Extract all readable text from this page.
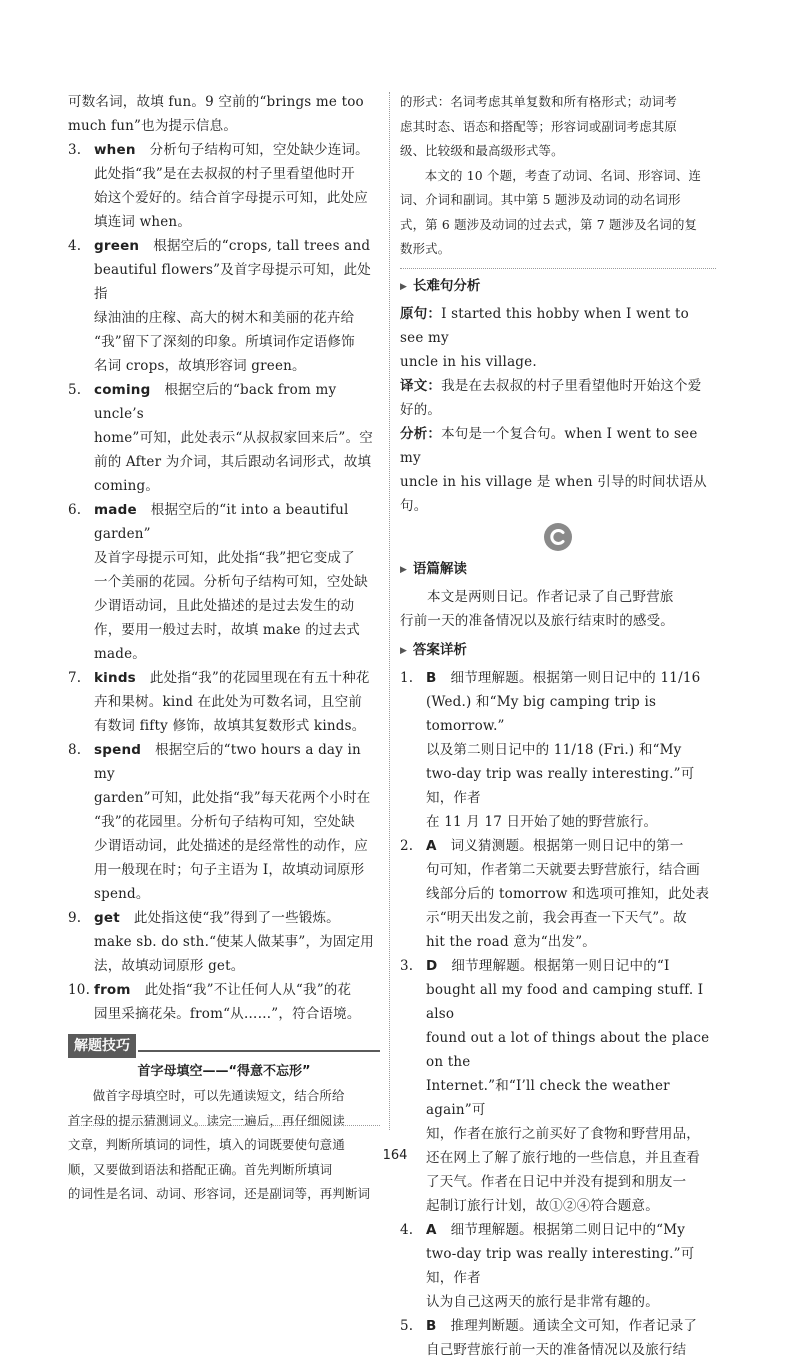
可数名词，故填 fun。9 空前的“brings me too

much fun”也为提示信息。

3. when 分析句子结构可知，空处缺少连词。

此处指“我”是在去叔叔的村子里看望他时开

始这个爱好的。结合首字母提示可知，此处应

填连词 when。

4. green 根据空后的“crops, tall trees and

beautiful flowers”及首字母提示可知，此处指

绿油油的庄稼、高大的树木和美丽的花卉给

“我”留下了深刻的印象。所填词作定语修饰

名词 crops，故填形容词 green。

5. coming 根据空后的“back from my uncle’s

home”可知，此处表示“从叔叔家回来后”。空

前的 After 为介词，其后跟动名词形式，故填

coming。

6. made 根据空后的“it into a beautiful garden”

及首字母提示可知，此处指“我”把它变成了

一个美丽的花园。分析句子结构可知，空处缺

少谓语动词，且此处描述的是过去发生的动

作，要用一般过去时，故填 make 的过去式

made。

7. kinds 此处指“我”的花园里现在有五十种花

卉和果树。kind 在此处为可数名词，且空前

有数词 fifty 修饰，故填其复数形式 kinds。

8. spend 根据空后的“two hours a day in my

garden”可知，此处指“我”每天花两个小时在

“我”的花园里。分析句子结构可知，空处缺

少谓语动词，此处描述的是经常性的动作，应

用一般现在时；句子主语为 I，故填动词原形

spend。

9. get 此处指这使“我”得到了一些锻炼。

make sb. do sth.“使某人做某事”，为固定用

法，故填动词原形 get。

10. from 此处指“我”不让任何人从“我”的花

园里采摘花朵。from“从……”，符合语境。

解题技巧
首字母填空——“得意不忘形”

做首字母填空时，可以先通读短文，结合所给

首字母的提示猜测词义。读完一遍后，再仔细阅读

文章，判断所填词的词性，填入的词既要使句意通

顺，又要做到语法和搭配正确。首先判断所填词

的词性是名词、动词、形容词，还是副词等，再判断词

的形式：名词考虑其单复数和所有格形式；动词考

虑其时态、语态和搭配等；形容词或副词考虑其原

级、比较级和最高级形式等。

本文的 10 个题，考查了动词、名词、形容词、连

词、介词和副词。其中第 5 题涉及动词的动名词形

式，第 6 题涉及动词的过去式，第 7 题涉及名词的复

数形式。

▶ 长难句分析

原句：I started this hobby when I went to see my

uncle in his village.

译文：我是在去叔叔的村子里看望他时开始这个爱

好的。

分析：本句是一个复合句。when I went to see my

uncle in his village 是 when 引导的时间状语从句。

▶ 语篇解读

本文是两则日记。作者记录了自己野营旅

行前一天的准备情况以及旅行结束时的感受。

▶ 答案详析
1. B 细节理解题。根据第一则日记中的 11/16

(Wed.) 和“My big camping trip is tomorrow.”

以及第二则日记中的 11/18 (Fri.) 和“My

two-day trip was really interesting.”可知，作者

在 11 月 17 日开始了她的野营旅行。

2. A 词义猜测题。根据第一则日记中的第一

句可知，作者第二天就要去野营旅行，结合画

线部分后的 tomorrow 和选项可推知，此处表

示“明天出发之前，我会再查一下天气”。故

hit the road 意为“出发”。

3. D 细节理解题。根据第一则日记中的“I

bought all my food and camping stuff. I also

found out a lot of things about the place on the

Internet.”和“I’ll check the weather again”可

知，作者在旅行之前买好了食物和野营用品，

还在网上了解了旅行地的一些信息，并且查看

了天气。作者在日记中并没有提到和朋友一

起制订旅行计划，故①②④符合题意。

4. A 细节理解题。根据第二则日记中的“My

two-day trip was really interesting.”可知，作者

认为自己这两天的旅行是非常有趣的。

5. B 推理判断题。通读全文可知，作者记录了

自己野营旅行前一天的准备情况以及旅行结

164
